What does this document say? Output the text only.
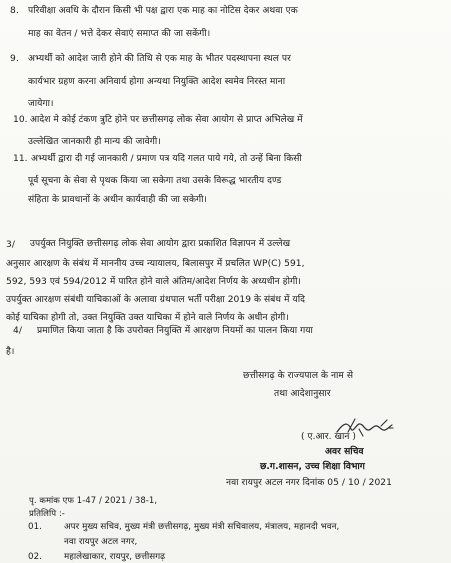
8. परिवीक्षा अवधि के दौरान किसी भी पक्ष द्वारा एक माह का नोटिस देकर अथवा एक
माह का वेतन / भत्ते देकर सेवाएं समाप्त की जा सकेंगी।
9. अभ्यर्थी को आदेश जारी होने की तिथि से एक माह के भीतर पदस्थापना स्थल पर
कार्यभार ग्रहण करना अनिवार्य होगा अन्यथा नियुक्ति आदेश स्वमेव निरस्त माना
जायेगा।
10. आदेश मे कोई टंकण त्रुटि होने पर छत्तीसगढ़ लोक सेवा आयोग से प्राप्त अभिलेख में
उल्लेखित जानकारी ही मान्य की जावेगी।
11. अभ्यर्थी द्वारा दी गई जानकारी / प्रमाण पत्र यदि गलत पाये गये, तो उन्हें बिना किसी
पूर्व सूचना के सेवा से पृथक किया जा सकेगा तथा उसके विरूद्ध भारतीय दण्ड
संहिता के प्रावधानों के अधीन कार्यवाही की जा सकेगी।
3/ उपर्युक्त नियुक्ति छत्तीसगढ़ लोक सेवा आयोग द्वारा प्रकाशित विज्ञापन में उल्लेख
अनुसार आरक्षण के संबंध में माननीय उच्च न्यायालय, बिलासपुर में प्रचलित WP(C) 591,
592, 593 एवं 594/2012 में पारित होने वाले अंतिम/आदेश निर्णय के अध्यधीन होगी।
उपर्युक्त आरक्षण संबंधी याचिकाओं के अलावा ग्रंथपाल भर्ती परीक्षा 2019 के संबंध में यदि
कोई याचिका होगी तो, उक्त नियुक्ति उक्त याचिका में होने वाले निर्णय के अधीन होगी।
4/ प्रमाणित किया जाता है कि उपरोक्त नियुक्ति में आरक्षण नियमों का पालन किया गया
है।
छत्तीसगढ़ के राज्यपाल के नाम से
तथा आदेशानुसार
( ए.आर. खान )
अवर सचिव
छ.ग.शासन, उच्च शिक्षा विभाग
नवा रायपुर अटल नगर दिनांक 05 / 10 / 2021
पृ. कमांक एफ 1-47 / 2021 / 38-1,
प्रतिलिपि :-
01.	अपर मुख्य सचिव, मुख्य मंत्री छत्तीसगढ़, मुख्य मंत्री सचिवालय, मंत्रालय, महानदी भवन,
नवा रायपुर अटल नगर,
02.	महालेखाकार, रायपुर, छत्तीसगढ़
